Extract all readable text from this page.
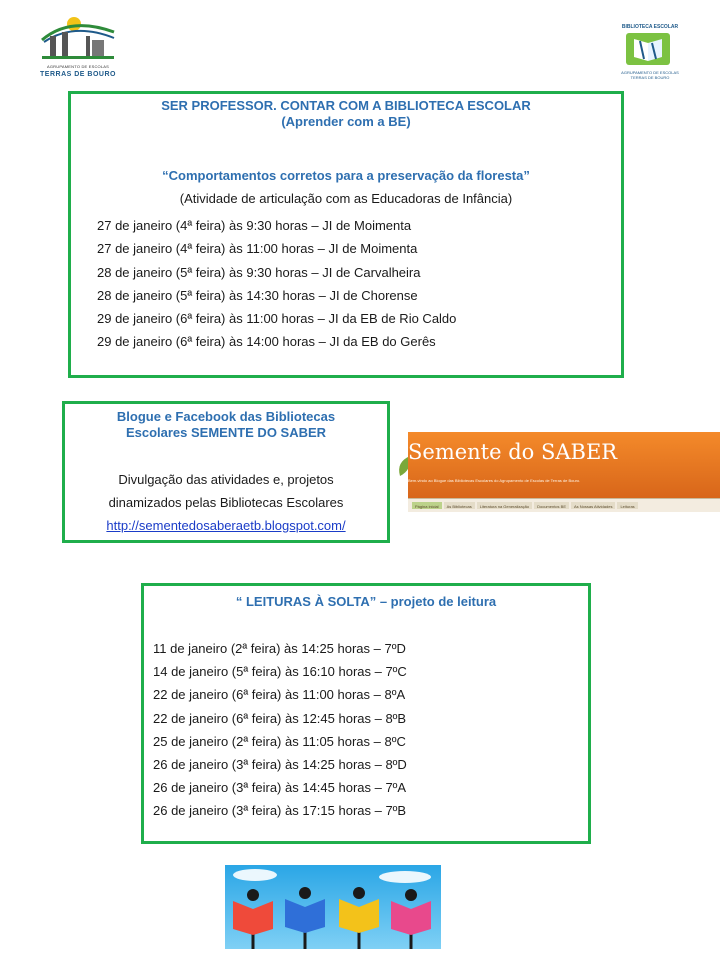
AGRUPAMENTO DE ESCOLAS
TERRAS DE BOURO
BIBLIOTECA ESCOLAR
AGRUPAMENTO DE ESCOLAS
TERRAS DE BOURO
SER PROFESSOR. CONTAR COM A BIBLIOTECA ESCOLAR
(Aprender com a BE)
“Comportamentos corretos para a preservação da floresta”
(Atividade de articulação com as Educadoras de Infância)
27 de janeiro (4ª feira) às 9:30 horas – JI de Moimenta
27 de janeiro (4ª feira) às 11:00 horas – JI de Moimenta
28 de janeiro (5ª feira) às 9:30 horas – JI de Carvalheira
28 de janeiro (5ª feira) às 14:30 horas – JI de Chorense
29 de janeiro (6ª feira) às 11:00 horas – JI da EB de Rio Caldo
29 de janeiro (6ª feira) às 14:00 horas – JI da EB do Gerês
Blogue e Facebook das Bibliotecas
Escolares SEMENTE DO SABER
Divulgação das atividades e, projetos
dinamizados pelas Bibliotecas Escolares
http://sementedosaberaetb.blogspot.com/
Semente do SABER
Bem-vindo ao Blogue das Bibliotecas Escolares do Agrupamento de Escolas de Terras de Bouro.
Página inicial	As Bibliotecas	Literatura na Generalização	Documentos BE	As Nossas Atividades	Leituras
“ LEITURAS À SOLTA” – projeto de leitura
11 de janeiro (2ª feira) às 14:25 horas – 7ºD
14 de janeiro (5ª feira) às 16:10 horas – 7ºC
22 de janeiro (6ª feira) às 11:00 horas – 8ºA
22 de janeiro (6ª feira) às 12:45 horas – 8ºB
25 de janeiro (2ª feira) às 11:05 horas – 8ºC
26 de janeiro (3ª feira) às 14:25 horas – 8ºD
26 de janeiro (3ª feira) às 14:45 horas – 7ºA
26 de janeiro (3ª feira) às 17:15 horas – 7ºB
